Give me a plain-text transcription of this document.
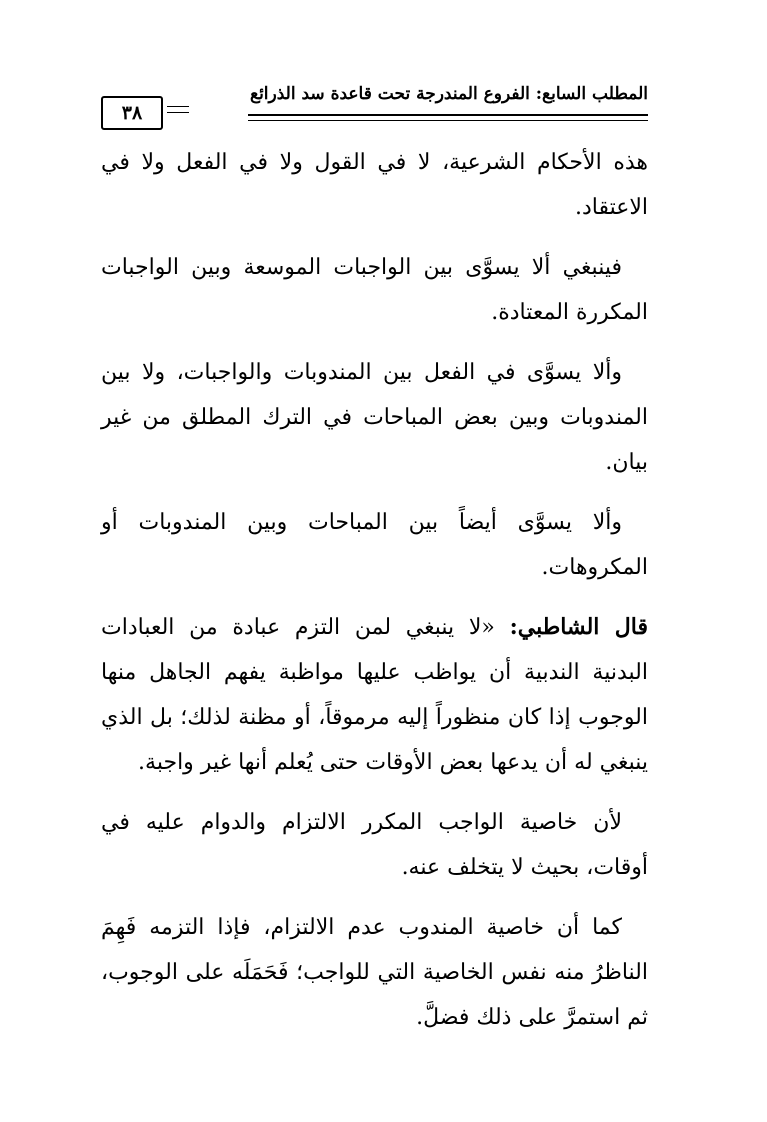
المطلب السابع: الفروع المندرجة تحت قاعدة سد الذرائع
٣٨

هذه الأحكام الشرعية، لا في القول ولا في الفعل ولا في الاعتقاد.

فينبغي ألا يسوَّى بين الواجبات الموسعة وبين الواجبات المكررة المعتادة.

وألا يسوَّى في الفعل بين المندوبات والواجبات، ولا بين المندوبات وبين بعض المباحات في الترك المطلق من غير بيان.

وألا يسوَّى أيضاً بين المباحات وبين المندوبات أو المكروهات.

قال الشاطبي: «لا ينبغي لمن التزم عبادة من العبادات البدنية الندبية أن يواظب عليها مواظبة يفهم الجاهل منها الوجوب إذا كان منظوراً إليه مرموقاً، أو مظنة لذلك؛ بل الذي ينبغي له أن يدعها بعض الأوقات حتى يُعلم أنها غير واجبة.

لأن خاصية الواجب المكرر الالتزام والدوام عليه في أوقات، بحيث لا يتخلف عنه.

كما أن خاصية المندوب عدم الالتزام، فإذا التزمه فَهِمَ الناظرُ منه نفس الخاصية التي للواجب؛ فَحَمَلَه على الوجوب، ثم استمرَّ على ذلك فضلَّ.
